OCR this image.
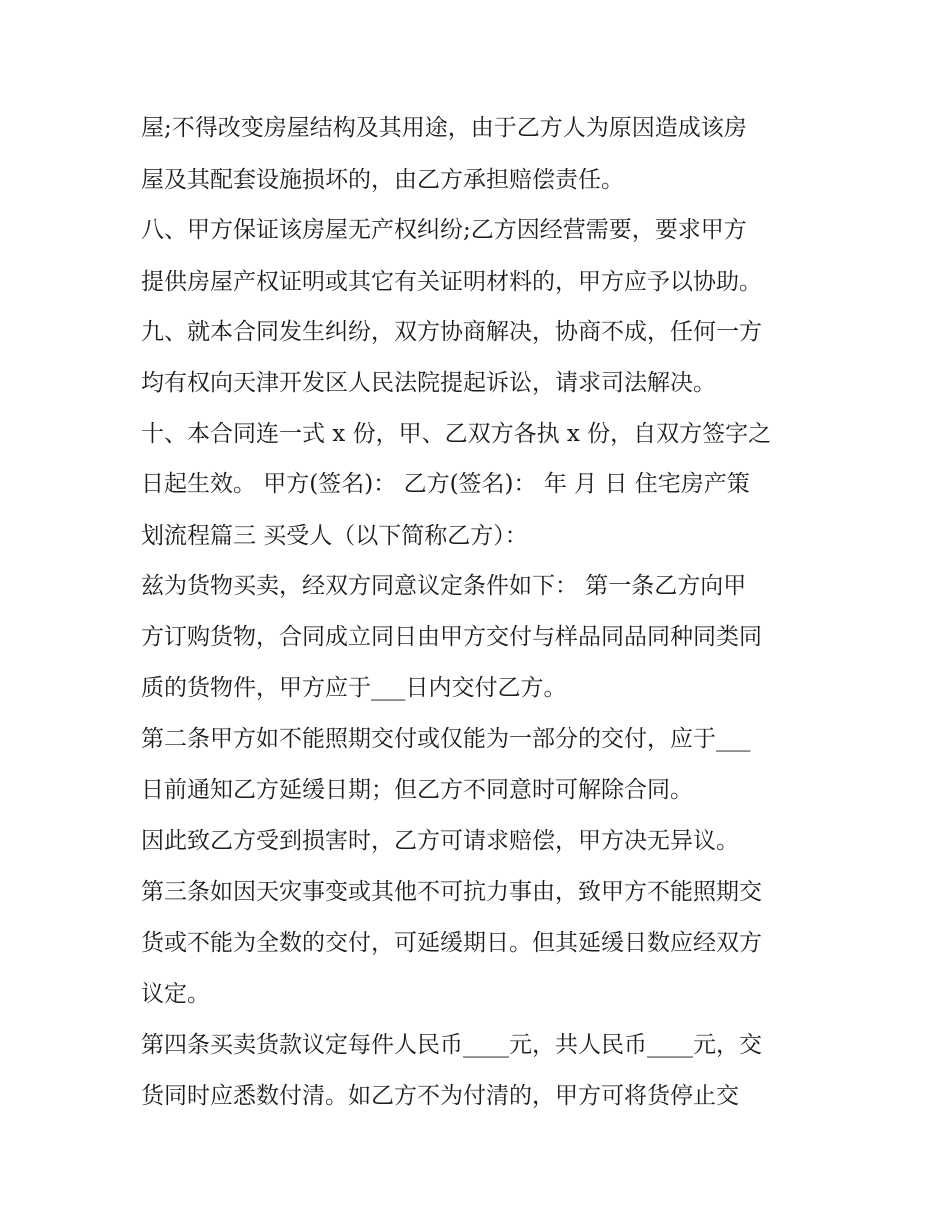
屋;不得改变房屋结构及其用途，由于乙方人为原因造成该房
屋及其配套设施损坏的，由乙方承担赔偿责任。
八、甲方保证该房屋无产权纠纷;乙方因经营需要，要求甲方
提供房屋产权证明或其它有关证明材料的，甲方应予以协助。
九、就本合同发生纠纷，双方协商解决，协商不成，任何一方
均有权向天津开发区人民法院提起诉讼，请求司法解决。
十、本合同连一式 x 份，甲、乙双方各执 x 份，自双方签字之
日起生效。 甲方(签名)： 乙方(签名)： 年 月 日 住宅房产策
划流程篇三 买受人（以下简称乙方）：
兹为货物买卖，经双方同意议定条件如下： 第一条乙方向甲
方订购货物，合同成立同日由甲方交付与样品同品同种同类同
质的货物件，甲方应于___日内交付乙方。
第二条甲方如不能照期交付或仅能为一部分的交付，应于___
日前通知乙方延缓日期；但乙方不同意时可解除合同。
因此致乙方受到损害时，乙方可请求赔偿，甲方决无异议。
第三条如因天灾事变或其他不可抗力事由，致甲方不能照期交
货或不能为全数的交付，可延缓期日。但其延缓日数应经双方
议定。
第四条买卖货款议定每件人民币____元，共人民币____元，交
货同时应悉数付清。如乙方不为付清的，甲方可将货停止交
